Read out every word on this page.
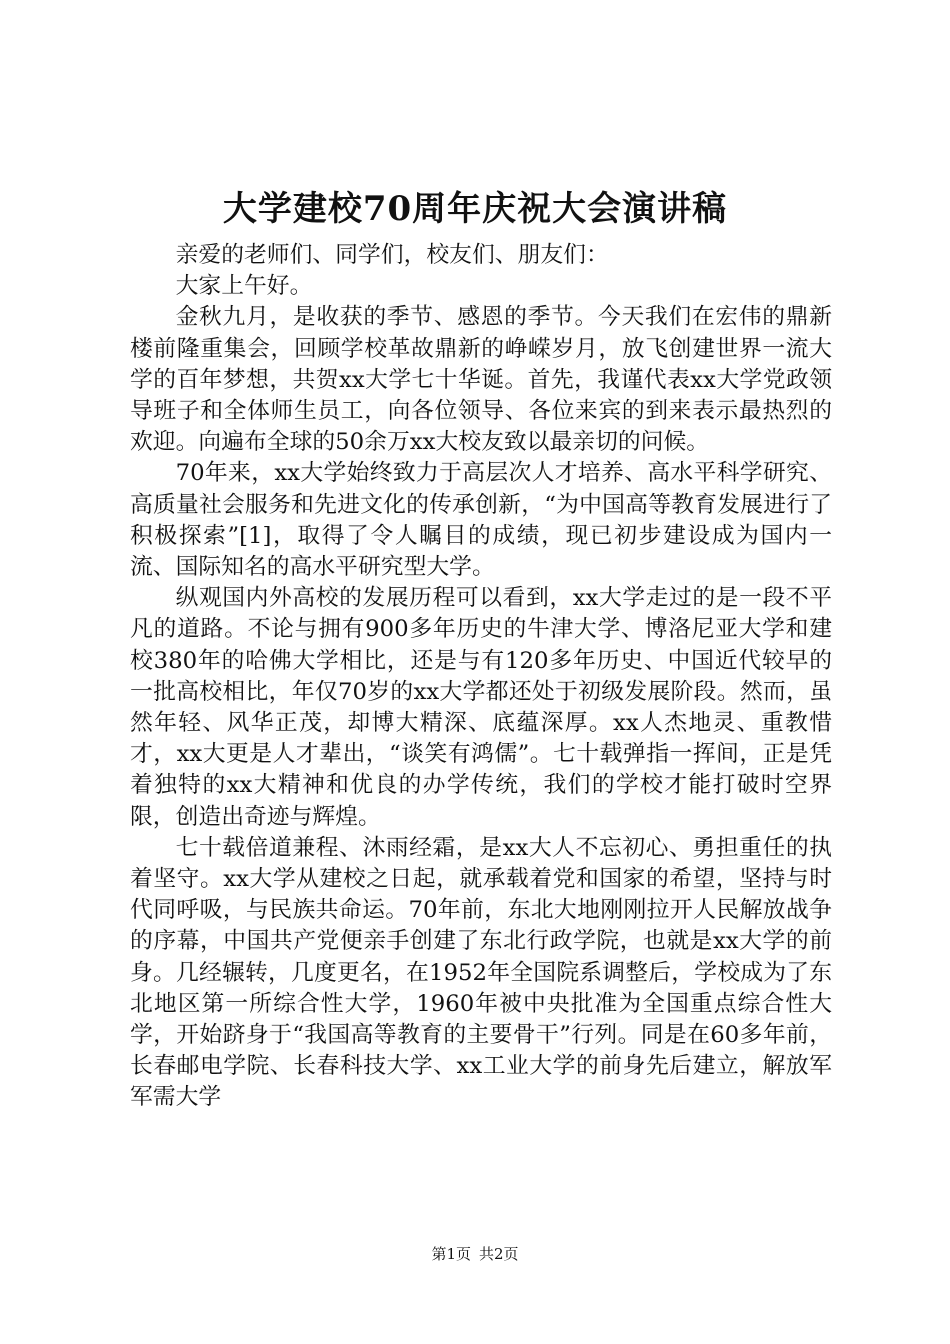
大学建校70周年庆祝大会演讲稿

亲爱的老师们、同学们，校友们、朋友们：

大家上午好。

金秋九月，是收获的季节、感恩的季节。今天我们在宏伟的鼎新楼前隆重集会，回顾学校革故鼎新的峥嵘岁月，放飞创建世界一流大学的百年梦想，共贺xx大学七十华诞。首先，我谨代表xx大学党政领导班子和全体师生员工，向各位领导、各位来宾的到来表示最热烈的欢迎。向遍布全球的50余万xx大校友致以最亲切的问候。

70年来，xx大学始终致力于高层次人才培养、高水平科学研究、高质量社会服务和先进文化的传承创新，“为中国高等教育发展进行了积极探索”[1]，取得了令人瞩目的成绩，现已初步建设成为国内一流、国际知名的高水平研究型大学。

纵观国内外高校的发展历程可以看到，xx大学走过的是一段不平凡的道路。不论与拥有900多年历史的牛津大学、博洛尼亚大学和建校380年的哈佛大学相比，还是与有120多年历史、中国近代较早的一批高校相比，年仅70岁的xx大学都还处于初级发展阶段。然而，虽然年轻、风华正茂，却博大精深、底蕴深厚。xx人杰地灵、重教惜才，xx大更是人才辈出，“谈笑有鸿儒”。七十载弹指一挥间，正是凭着独特的xx大精神和优良的办学传统，我们的学校才能打破时空界限，创造出奇迹与辉煌。

七十载倍道兼程、沐雨经霜，是xx大人不忘初心、勇担重任的执着坚守。xx大学从建校之日起，就承载着党和国家的希望，坚持与时代同呼吸，与民族共命运。70年前，东北大地刚刚拉开人民解放战争的序幕，中国共产党便亲手创建了东北行政学院，也就是xx大学的前身。几经辗转，几度更名，在1952年全国院系调整后，学校成为了东北地区第一所综合性大学，1960年被中央批准为全国重点综合性大学，开始跻身于“我国高等教育的主要骨干”行列。同是在60多年前，长春邮电学院、长春科技大学、xx工业大学的前身先后建立，解放军军需大学

第1页 共2页
